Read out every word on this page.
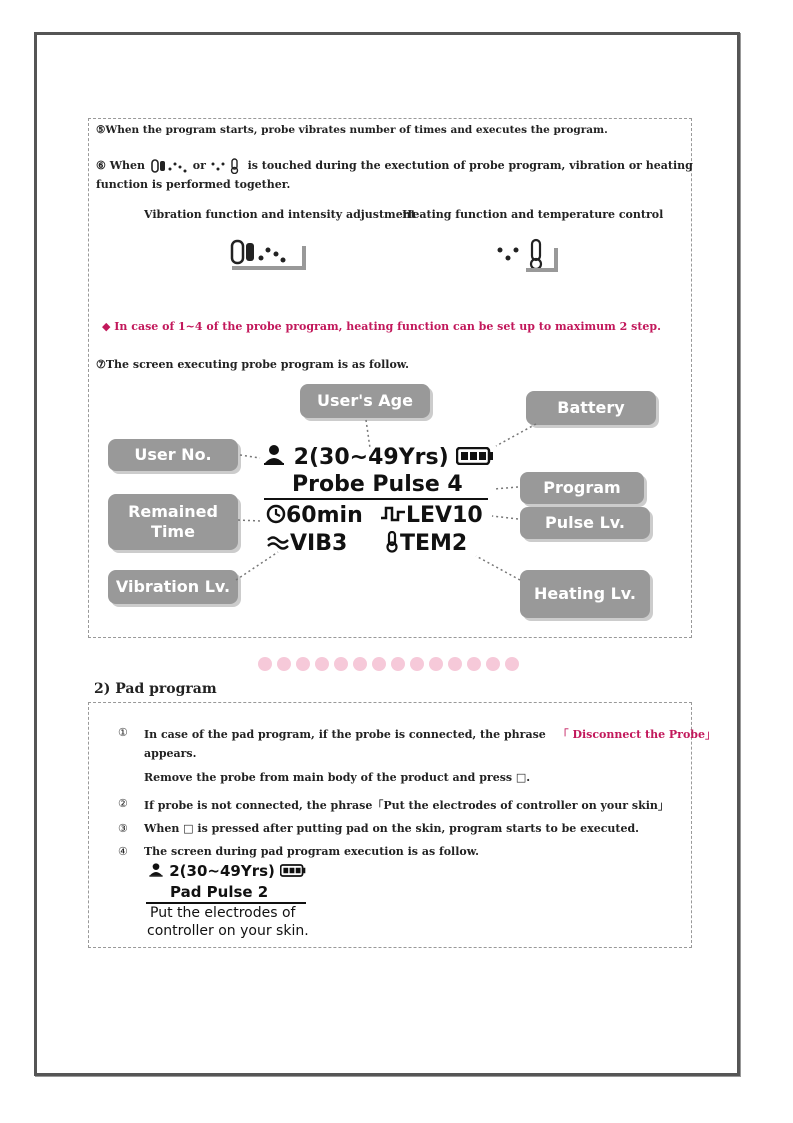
⑤When the program starts, probe vibrates number of times and executes the program.
⑥ When	or	is touched during the exectution of probe program, vibration or heating
function is performed together.
Vibration function and intensity adjustment
Heating function and temperature control
◆ In case of 1~4 of the probe program, heating function can be set up to maximum 2 step.
⑦The screen executing probe program is as follow.
User's Age	Battery
User No.
Program
Remained
Time	Pulse Lv.
Vibration Lv.	Heating Lv.
2(30~49Yrs)
Probe Pulse 4
60min	LEV10
VIB3	TEM2
2) Pad program
① In case of the pad program, if the probe is connected, the phrase 「 Disconnect the Probe」
appears.
Remove the probe from main body of the product and press □.
② If probe is not connected, the phrase「Put the electrodes of controller on your skin」
③ When □ is pressed after putting pad on the skin, program starts to be executed.
④ The screen during pad program execution is as follow.
2(30~49Yrs)
Pad Pulse 2
Put the electrodes of
controller on your skin.
